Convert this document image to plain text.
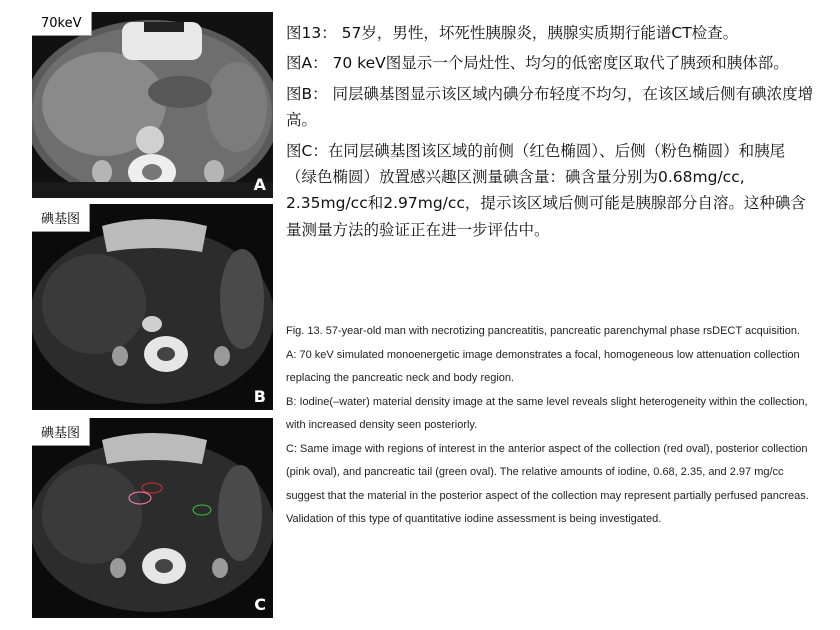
70keV
A
碘基图
B
碘基图
C

图13： 57岁，男性，坏死性胰腺炎，胰腺实质期行能谱CT检查。

图A： 70 keV图显示一个局灶性、均匀的低密度区取代了胰颈和胰体部。

图B： 同层碘基图显示该区域内碘分布轻度不均匀，在该区域后侧有碘浓度增高。

图C：在同层碘基图该区域的前侧（红色椭圆）、后侧（粉色椭圆）和胰尾（绿色椭圆）放置感兴趣区测量碘含量：碘含量分别为0.68mg/cc, 2.35mg/cc和2.97mg/cc，提示该区域后侧可能是胰腺部分自溶。这种碘含量测量方法的验证正在进一步评估中。

Fig. 13. 57-year-old man with necrotizing pancreatitis, pancreatic parenchymal phase rsDECT acquisition.

A: 70 keV simulated monoenergetic image demonstrates a focal, homogeneous low attenuation collection replacing the pancreatic neck and body region.

B: Iodine(–water) material density image at the same level reveals slight heterogeneity within the collection, with increased density seen posteriorly.

C: Same image with regions of interest in the anterior aspect of the collection (red oval), posterior collection (pink oval), and pancreatic tail (green oval). The relative amounts of iodine, 0.68, 2.35, and 2.97 mg/cc suggest that the material in the posterior aspect of the collection may represent partially perfused pancreas. Validation of this type of quantitative iodine assessment is being investigated.
